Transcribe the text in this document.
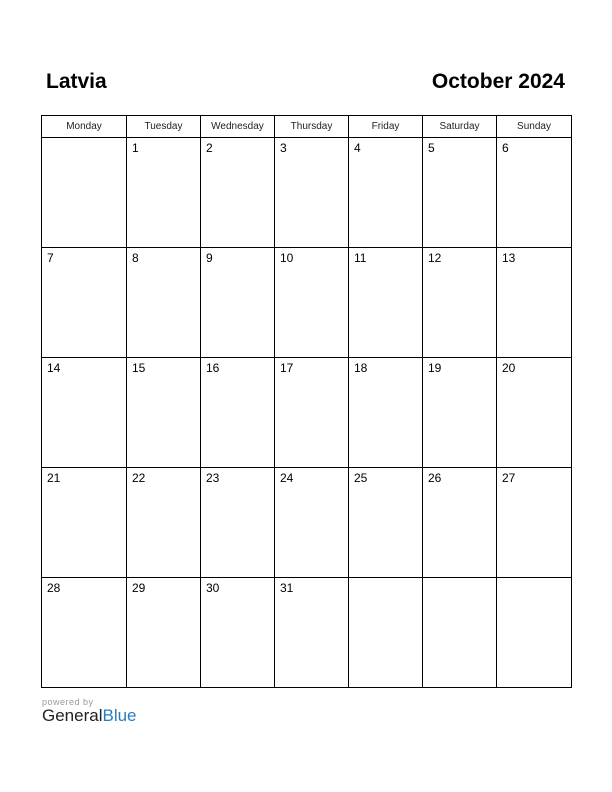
Latvia	October 2024
Monday	Tuesday	Wednesday	Thursday	Friday	Saturday	Sunday

	1	2	3	4	5	6

7	8	9	10	11	12	13

14	15	16	17	18	19	20

21	22	23	24	25	26	27

28	29	30	31			

powered by
GeneralBlue
